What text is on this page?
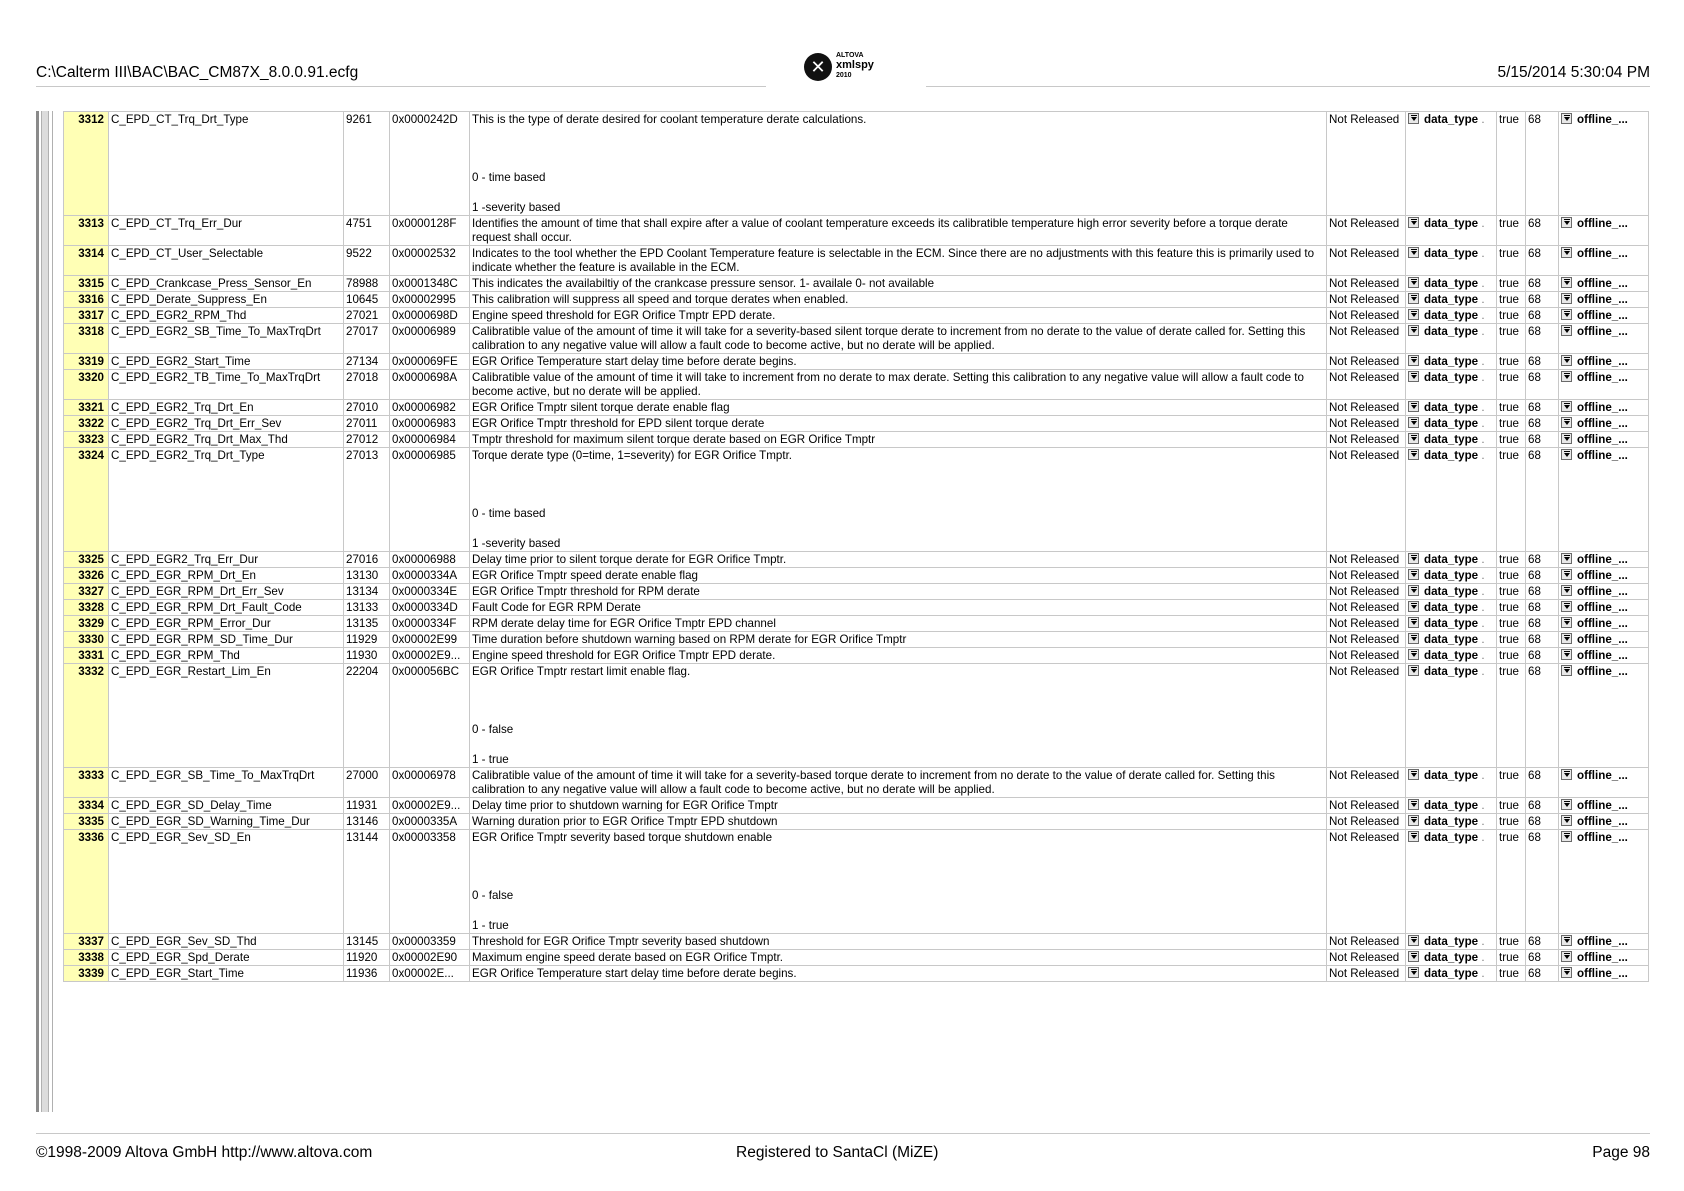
C:\Calterm III\BAC\BAC_CM87X_8.0.0.91.ecfg	✕
ALTOVA
xmlspy
2010	5/15/2014 5:30:04 PM
3312	C_EPD_CT_Trq_Drt_Type	9261	0x0000242D	This is the type of derate desired for coolant temperature derate calculations.
0 - time based
1 -severity based	Not Released	data_type .	true	68	offline_...
3313	C_EPD_CT_Trq_Err_Dur	4751	0x0000128F	Identifies the amount of time that shall expire after a value of coolant temperature exceeds its calibratible temperature high error severity before a torque derate request shall occur.	Not Released	data_type .	true	68	offline_...
3314	C_EPD_CT_User_Selectable	9522	0x00002532	Indicates to the tool whether the EPD Coolant Temperature feature is selectable in the ECM. Since there are no adjustments with this feature this is primarily used to indicate whether the feature is available in the ECM.	Not Released	data_type .	true	68	offline_...
3315	C_EPD_Crankcase_Press_Sensor_En	78988	0x0001348C	This indicates the availabiltiy of the crankcase pressure sensor. 1- availale 0- not available	Not Released	data_type .	true	68	offline_...
3316	C_EPD_Derate_Suppress_En	10645	0x00002995	This calibration will suppress all speed and torque derates when enabled.	Not Released	data_type .	true	68	offline_...
3317	C_EPD_EGR2_RPM_Thd	27021	0x0000698D	Engine speed threshold for EGR Orifice Tmptr EPD derate.	Not Released	data_type .	true	68	offline_...
3318	C_EPD_EGR2_SB_Time_To_MaxTrqDrt	27017	0x00006989	Calibratible value of the amount of time it will take for a severity-based silent torque derate to increment from no derate to the value of derate called for. Setting this calibration to any negative value will allow a fault code to become active, but no derate will be applied.	Not Released	data_type .	true	68	offline_...
3319	C_EPD_EGR2_Start_Time	27134	0x000069FE	EGR Orifice Temperature start delay time before derate begins.	Not Released	data_type .	true	68	offline_...
3320	C_EPD_EGR2_TB_Time_To_MaxTrqDrt	27018	0x0000698A	Calibratible value of the amount of time it will take to increment from no derate to max derate. Setting this calibration to any negative value will allow a fault code to become active, but no derate will be applied.	Not Released	data_type .	true	68	offline_...
3321	C_EPD_EGR2_Trq_Drt_En	27010	0x00006982	EGR Orifice Tmptr silent torque derate enable flag	Not Released	data_type .	true	68	offline_...
3322	C_EPD_EGR2_Trq_Drt_Err_Sev	27011	0x00006983	EGR Orifice Tmptr threshold for EPD silent torque derate	Not Released	data_type .	true	68	offline_...
3323	C_EPD_EGR2_Trq_Drt_Max_Thd	27012	0x00006984	Tmptr threshold for maximum silent torque derate based on EGR Orifice Tmptr	Not Released	data_type .	true	68	offline_...
3324	C_EPD_EGR2_Trq_Drt_Type	27013	0x00006985	Torque derate type (0=time, 1=severity) for EGR Orifice Tmptr.
0 - time based
1 -severity based	Not Released	data_type .	true	68	offline_...
3325	C_EPD_EGR2_Trq_Err_Dur	27016	0x00006988	Delay time prior to silent torque derate for EGR Orifice Tmptr.	Not Released	data_type .	true	68	offline_...
3326	C_EPD_EGR_RPM_Drt_En	13130	0x0000334A	EGR Orifice Tmptr speed derate enable flag	Not Released	data_type .	true	68	offline_...
3327	C_EPD_EGR_RPM_Drt_Err_Sev	13134	0x0000334E	EGR Orifice Tmptr threshold for RPM derate	Not Released	data_type .	true	68	offline_...
3328	C_EPD_EGR_RPM_Drt_Fault_Code	13133	0x0000334D	Fault Code for EGR RPM Derate	Not Released	data_type .	true	68	offline_...
3329	C_EPD_EGR_RPM_Error_Dur	13135	0x0000334F	RPM derate delay time for EGR Orifice Tmptr EPD channel	Not Released	data_type .	true	68	offline_...
3330	C_EPD_EGR_RPM_SD_Time_Dur	11929	0x00002E99	Time duration before shutdown warning based on RPM derate for EGR Orifice Tmptr	Not Released	data_type .	true	68	offline_...
3331	C_EPD_EGR_RPM_Thd	11930	0x00002E9...	Engine speed threshold for EGR Orifice Tmptr EPD derate.	Not Released	data_type .	true	68	offline_...
3332	C_EPD_EGR_Restart_Lim_En	22204	0x000056BC	EGR Orifice Tmptr restart limit enable flag.
0 - false
1 - true	Not Released	data_type .	true	68	offline_...
3333	C_EPD_EGR_SB_Time_To_MaxTrqDrt	27000	0x00006978	Calibratible value of the amount of time it will take for a severity-based torque derate to increment from no derate to the value of derate called for. Setting this calibration to any negative value will allow a fault code to become active, but no derate will be applied.	Not Released	data_type .	true	68	offline_...
3334	C_EPD_EGR_SD_Delay_Time	11931	0x00002E9...	Delay time prior to shutdown warning for EGR Orifice Tmptr	Not Released	data_type .	true	68	offline_...
3335	C_EPD_EGR_SD_Warning_Time_Dur	13146	0x0000335A	Warning duration prior to EGR Orifice Tmptr EPD shutdown	Not Released	data_type .	true	68	offline_...
3336	C_EPD_EGR_Sev_SD_En	13144	0x00003358	EGR Orifice Tmptr severity based torque shutdown enable
0 - false
1 - true	Not Released	data_type .	true	68	offline_...
3337	C_EPD_EGR_Sev_SD_Thd	13145	0x00003359	Threshold for EGR Orifice Tmptr severity based shutdown	Not Released	data_type .	true	68	offline_...
3338	C_EPD_EGR_Spd_Derate	11920	0x00002E90	Maximum engine speed derate based on EGR Orifice Tmptr.	Not Released	data_type .	true	68	offline_...
3339	C_EPD_EGR_Start_Time	11936	0x00002E...	EGR Orifice Temperature start delay time before derate begins.	Not Released	data_type .	true	68	offline_...
©1998-2009 Altova GmbH http://www.altova.com	Registered to SantaCl (MiZE)	Page 98
